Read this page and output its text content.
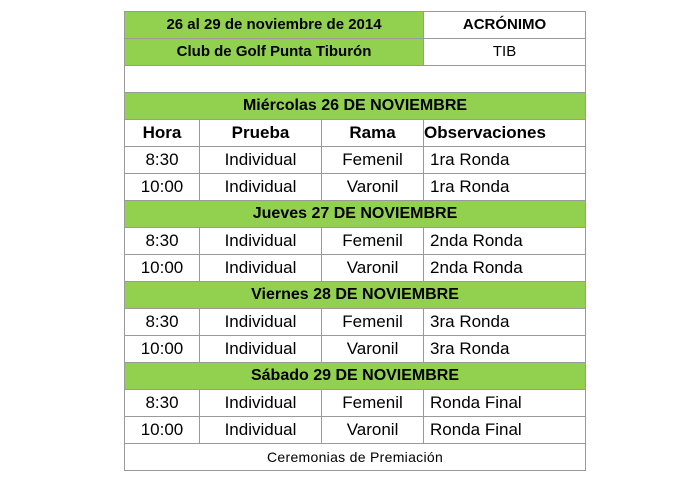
26 al 29 de noviembre de 2014			ACRÓNIMO
Club de Golf Punta Tiburón			TIB

Miércolas 26 DE NOVIEMBRE			
Hora	Prueba	Rama	Observaciones
8:30	Individual	Femenil	1ra Ronda
10:00	Individual	Varonil	1ra Ronda
Jueves 27 DE NOVIEMBRE			
8:30	Individual	Femenil	2nda Ronda
10:00	Individual	Varonil	2nda Ronda
Viernes 28 DE NOVIEMBRE			
8:30	Individual	Femenil	3ra Ronda
10:00	Individual	Varonil	3ra Ronda
Sábado 29 DE NOVIEMBRE			
8:30	Individual	Femenil	Ronda Final
10:00	Individual	Varonil	Ronda Final
Ceremonias de Premiación			
